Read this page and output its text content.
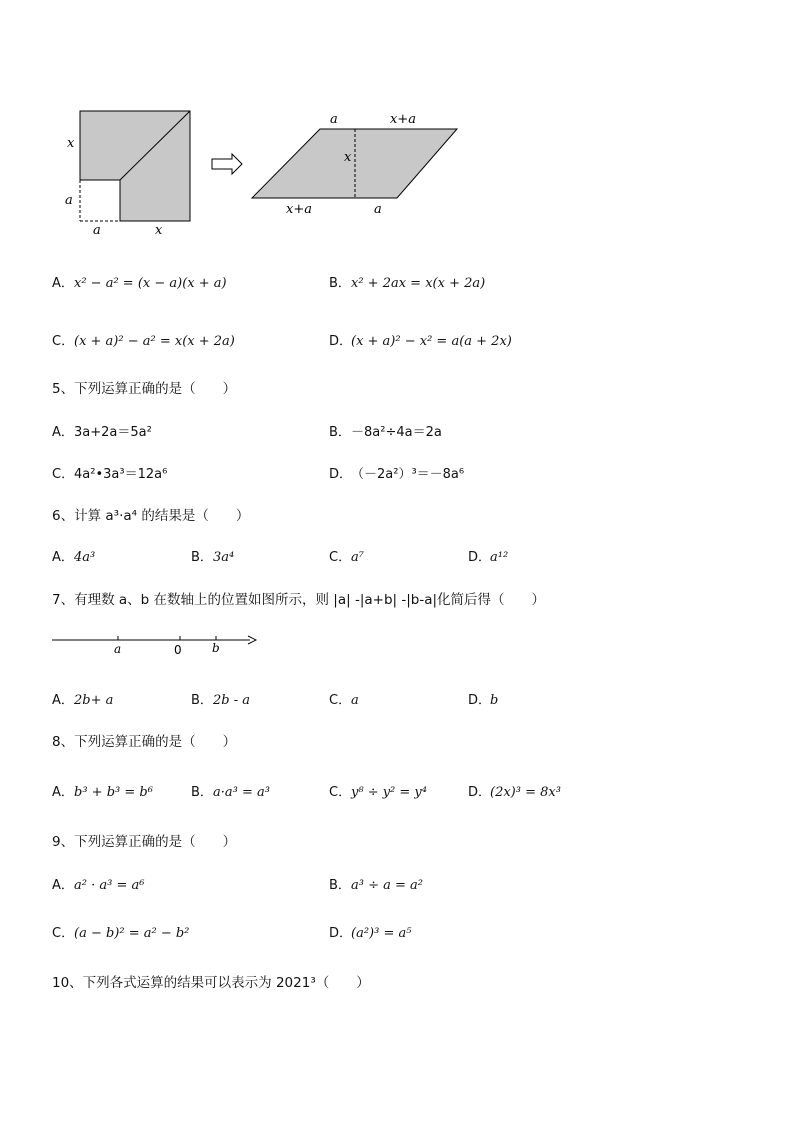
x
a
a	x
a	x+a
x
x+a	a
A．x² − a² = (x − a)(x + a)	B．x² + 2ax = x(x + 2a)
C．(x + a)² − a² = x(x + 2a)	D．(x + a)² − x² = a(a + 2x)
5、下列运算正确的是（　　）
A．3a+2a＝5a²	B．－8a²÷4a＝2a
C．4a²•3a³＝12a⁶	D．（－2a²）³＝－8a⁶
6、计算 a³·a⁴ 的结果是（　　）
A．4a³	B．3a⁴	C．a⁷	D．a¹²
7、有理数 a、b 在数轴上的位置如图所示，则 |a| -|a+b| -|b-a|化简后得（　　）
a	0	b
A．2b+ a	B．2b - a	C．a	D．b
8、下列运算正确的是（　　）
A．b³ + b³ = b⁶	B．a·a³ = a³	C．y⁸ ÷ y² = y⁴	D．(2x)³ = 8x³
9、下列运算正确的是（　　）
A．a² · a³ = a⁶	B．a³ ÷ a = a²
C．(a − b)² = a² − b²	D．(a²)³ = a⁵
10、下列各式运算的结果可以表示为 2021³（　　）
